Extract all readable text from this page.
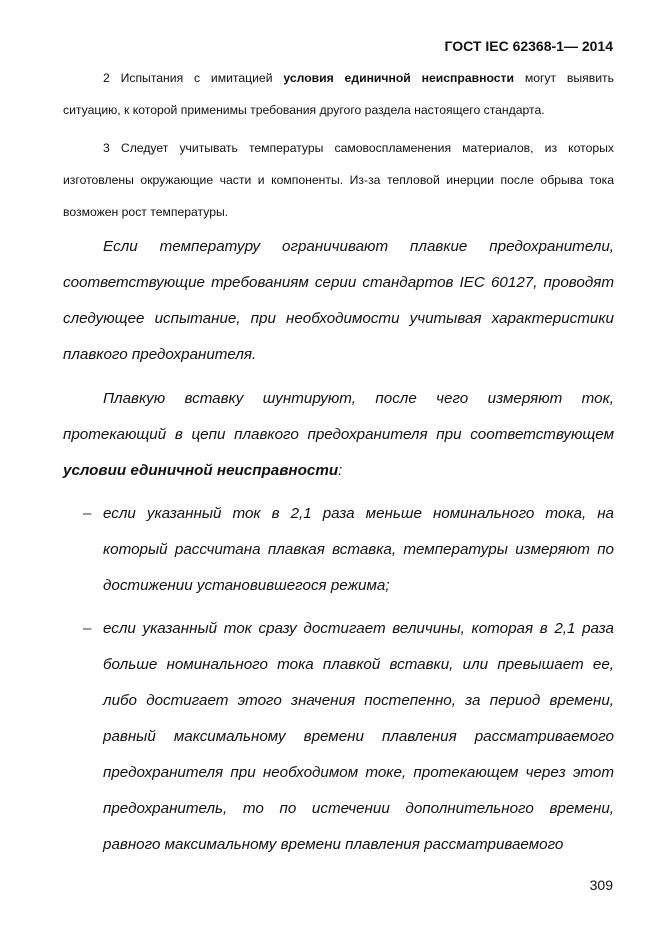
ГОСТ IEC 62368-1— 2014

2 Испытания с имитацией условия единичной неисправности могут выявить ситуацию, к которой применимы требования другого раздела настоящего стандарта.

3 Следует учитывать температуры самовоспламенения материалов, из которых изготовлены окружающие части и компоненты. Из-за тепловой инерции после обрыва тока возможен рост температуры.

Если температуру ограничивают плавкие предохранители, соответствующие требованиям серии стандартов IEC 60127, проводят следующее испытание, при необходимости учитывая характеристики плавкого предохранителя.

Плавкую вставку шунтируют, после чего измеряют ток, протекающий в цепи плавкого предохранителя при соответствующем условии единичной неисправности:

– если указанный ток в 2,1 раза меньше номинального тока, на который рассчитана плавкая вставка, температуры измеряют по достижении установившегося режима;

– если указанный ток сразу достигает величины, которая в 2,1 раза больше номинального тока плавкой вставки, или превышает ее, либо достигает этого значения постепенно, за период времени, равный максимальному времени плавления рассматриваемого предохранителя при необходимом токе, протекающем через этот предохранитель, то по истечении дополнительного времени, равного максимальному времени плавления рассматриваемого

309
